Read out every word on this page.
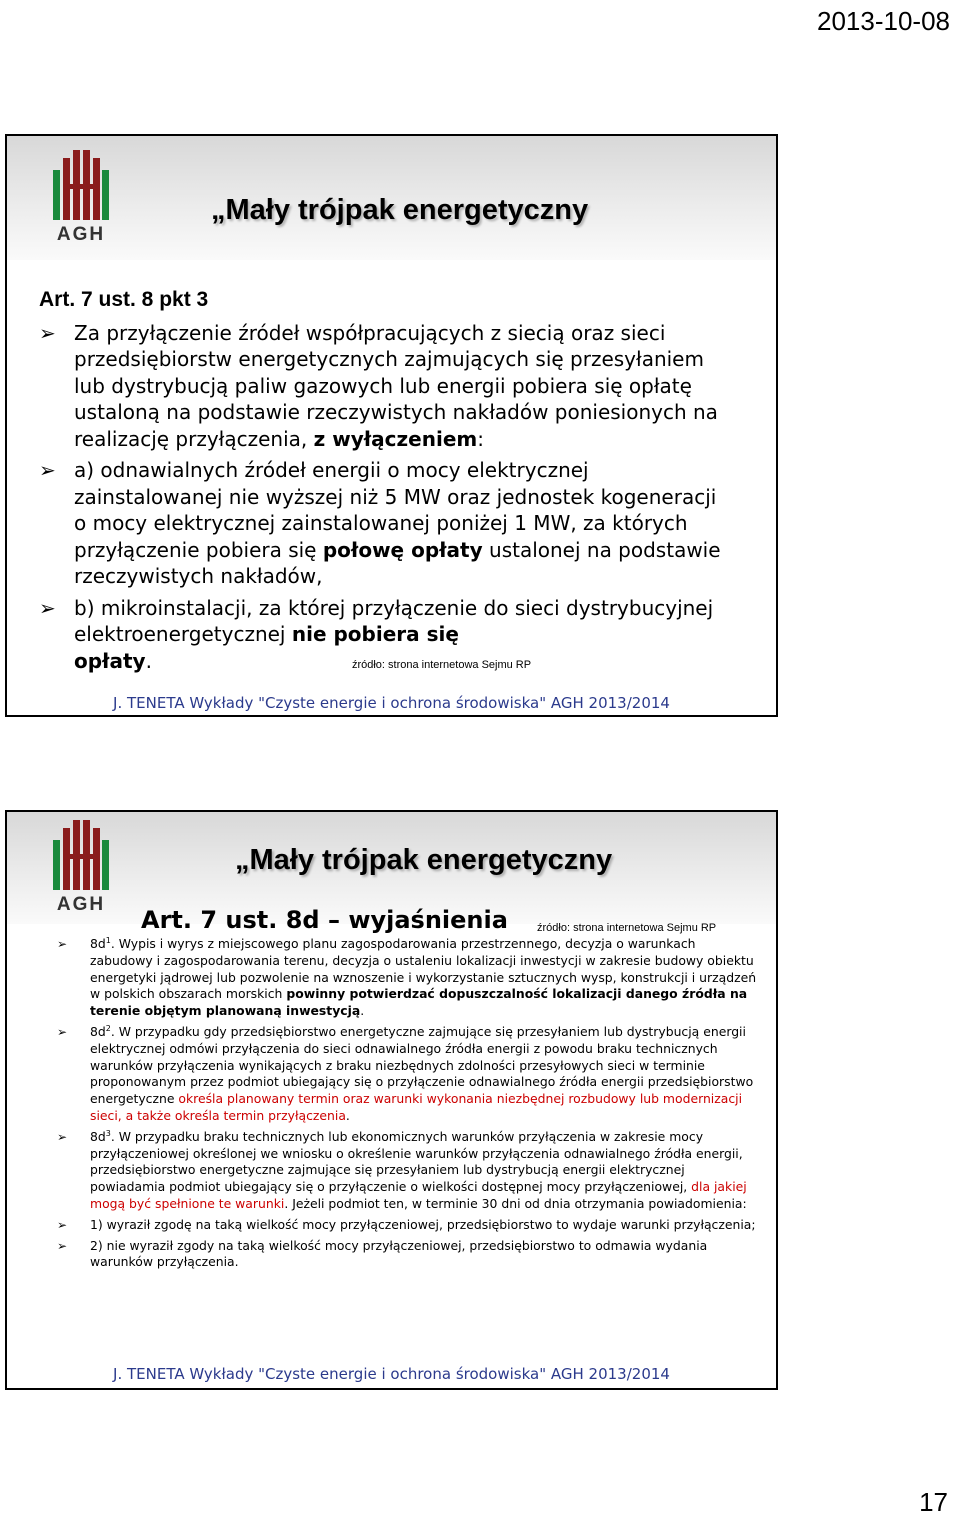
2013-10-08
AGH
„Mały trójpak energetyczny
Art. 7 ust. 8 pkt 3
➢ Za przyłączenie źródeł współpracujących z siecią oraz sieci przedsiębiorstw energetycznych zajmujących się przesyłaniem lub dystrybucją paliw gazowych lub energii pobiera się opłatę ustaloną na podstawie rzeczywistych nakładów poniesionych na realizację przyłączenia, z wyłączeniem:
➢ a) odnawialnych źródeł energii o mocy elektrycznej zainstalowanej nie wyższej niż 5 MW oraz jednostek kogeneracji o mocy elektrycznej zainstalowanej poniżej 1 MW, za których przyłączenie pobiera się połowę opłaty ustalonej na podstawie rzeczywistych nakładów,
➢ b) mikroinstalacji, za której przyłączenie do sieci dystrybucyjnej elektroenergetycznej nie pobiera się
opłaty .	źródło: strona internetowa Sejmu RP
J. TENETA Wykłady "Czyste energie i ochrona środowiska" AGH 2013/2014
AGH
„Mały trójpak energetyczny
Art. 7 ust. 8d – wyjaśnienia	źródło: strona internetowa Sejmu RP
➢ $8d^1$. Wypis i wyrys z miejscowego planu zagospodarowania przestrzennego, decyzja o warunkach zabudowy i zagospodarowania terenu, decyzja o ustaleniu lokalizacji inwestycji w zakresie budowy obiektu energetyki jądrowej lub pozwolenie na wznoszenie i wykorzystanie sztucznych wysp, konstrukcji i urządzeń w polskich obszarach morskich powinny potwierdzać dopuszczalność lokalizacji danego źródła na terenie objętym planowaną inwestycją.
➢ $8d^2$. W przypadku gdy przedsiębiorstwo energetyczne zajmujące się przesyłaniem lub dystrybucją energii elektrycznej odmówi przyłączenia do sieci odnawialnego źródła energii z powodu braku technicznych warunków przyłączenia wynikających z braku niezbędnych zdolności przesyłowych sieci w terminie proponowanym przez podmiot ubiegający się o przyłączenie odnawialnego źródła energii przedsiębiorstwo energetyczne określa planowany termin oraz warunki wykonania niezbędnej rozbudowy lub modernizacji sieci, a także określa termin przyłączenia.
➢ $8d^3$. W przypadku braku technicznych lub ekonomicznych warunków przyłączenia w zakresie mocy przyłączeniowej określonej we wniosku o określenie warunków przyłączenia odnawialnego źródła energii, przedsiębiorstwo energetyczne zajmujące się przesyłaniem lub dystrybucją energii elektrycznej powiadamia podmiot ubiegający się o przyłączenie o wielkości dostępnej mocy przyłączeniowej, dla jakiej mogą być spełnione te warunki. Jeżeli podmiot ten, w terminie 30 dni od dnia otrzymania powiadomienia:
➢ 1) wyraził zgodę na taką wielkość mocy przyłączeniowej, przedsiębiorstwo to wydaje warunki przyłączenia;
➢ 2) nie wyraził zgody na taką wielkość mocy przyłączeniowej, przedsiębiorstwo to odmawia wydania warunków przyłączenia.
J. TENETA Wykłady "Czyste energie i ochrona środowiska" AGH 2013/2014
17
